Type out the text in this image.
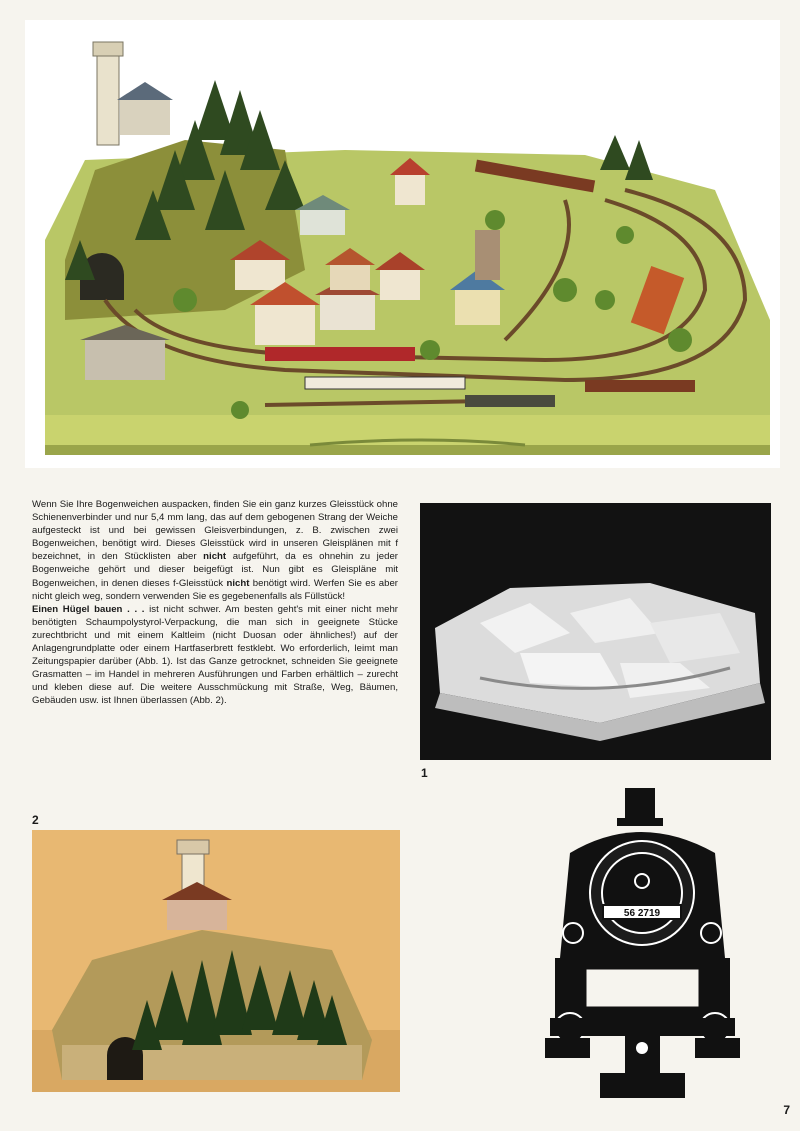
Wenn Sie Ihre Bogenweichen auspacken, finden Sie ein ganz kurzes Gleisstück ohne Schienenverbinder und nur 5,4 mm lang, das auf dem gebogenen Strang der Weiche aufgesteckt ist und bei gewissen Gleisverbindungen, z. B. zwischen zwei Bogenweichen, benötigt wird. Dieses Gleisstück wird in unseren Gleisplänen mit f bezeichnet, in den Stücklisten aber nicht aufgeführt, da es ohnehin zu jeder Bogenweiche gehört und dieser beigefügt ist. Nun gibt es Gleispläne mit Bogenweichen, in denen dieses f-Gleisstück nicht benötigt wird. Werfen Sie es aber nicht gleich weg, sondern verwenden Sie es gegebenenfalls als Füllstück!

Einen Hügel bauen . . . ist nicht schwer. Am besten geht's mit einer nicht mehr benötigten Schaumpolystyrol-Verpackung, die man sich in geeignete Stücke zurechtbricht und mit einem Kaltleim (nicht Duosan oder ähnliches!) auf der Anlagengrundplatte oder einem Hartfaserbrett festklebt. Wo erforderlich, leimt man Zeitungspapier darüber (Abb. 1). Ist das Ganze getrocknet, schneiden Sie geeignete Grasmatten – im Handel in mehreren Ausführungen und Farben erhältlich – zurecht und kleben diese auf. Die weitere Ausschmückung mit Straße, Weg, Bäumen, Gebäuden usw. ist Ihnen überlassen (Abb. 2).

1
2
56 2719
7
